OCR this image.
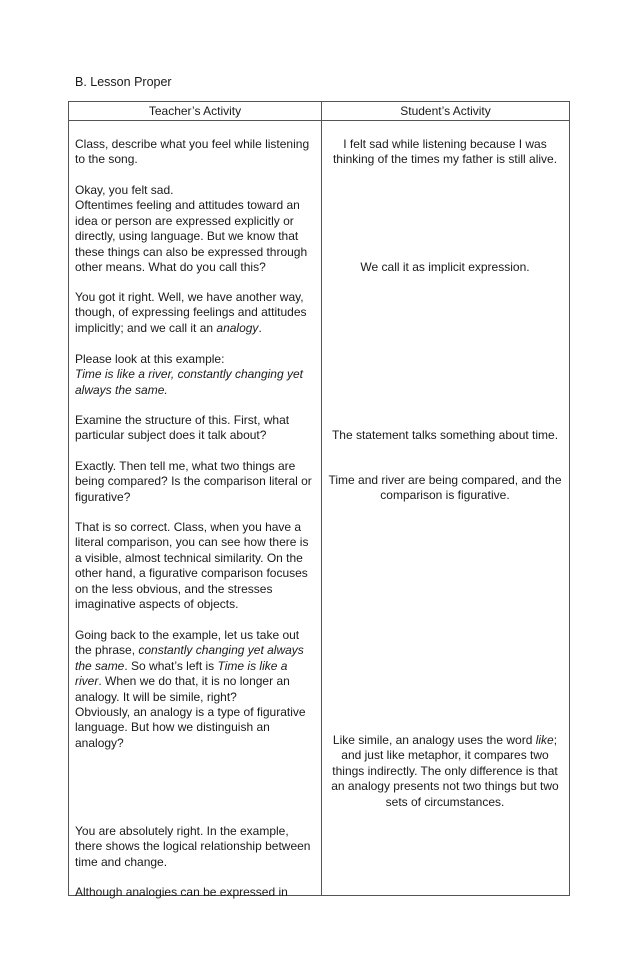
B. Lesson Proper
Teacher’s Activity	Student’s Activity
Class, describe what you feel while listening to the song.
Okay, you felt sad.
Oftentimes feeling and attitudes toward an idea or person are expressed explicitly or directly, using language. But we know that these things can also be expressed through other means. What do you call this?
You got it right. Well, we have another way, though, of expressing feelings and attitudes implicitly; and we call it an analogy.
Please look at this example:
Time is like a river, constantly changing yet always the same.
Examine the structure of this. First, what particular subject does it talk about?
Exactly. Then tell me, what two things are being compared? Is the comparison literal or figurative?
That is so correct. Class, when you have a literal comparison, you can see how there is a visible, almost technical similarity. On the other hand, a figurative comparison focuses on the less obvious, and the stresses imaginative aspects of objects.
Going back to the example, let us take out the phrase, constantly changing yet always the same. So what’s left is Time is like a river. When we do that, it is no longer an analogy. It will be simile, right?
Obviously, an analogy is a type of figurative language. But how we distinguish an analogy?
You are absolutely right. In the example, there shows the logical relationship between time and change.
Although analogies can be expressed in
I felt sad while listening because I was thinking of the times my father is still alive.
We call it as implicit expression.
The statement talks something about time.
Time and river are being compared, and the comparison is figurative.
Like simile, an analogy uses the word like; and just like metaphor, it compares two things indirectly. The only difference is that an analogy presents not two things but two sets of circumstances.
